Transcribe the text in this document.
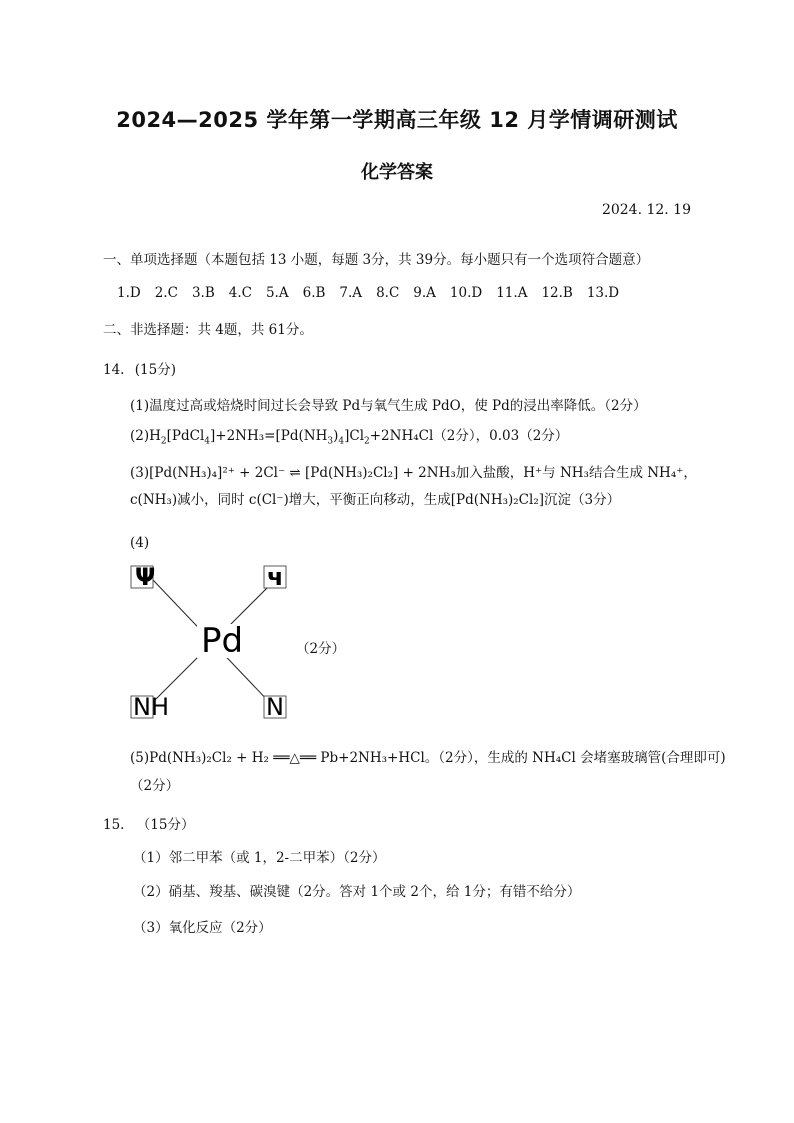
2024—2025 学年第一学期高三年级 12 月学情调研测试
化学答案
2024. 12. 19
一、单项选择题（本题包括 13 小题，每题 3分，共 39分。每小题只有一个选项符合题意）
1.D 2.C 3.B 4.C 5.A 6.B 7.A 8.C 9.A 10.D 11.A 12.B 13.D
二、非选择题：共 4题，共 61分。
14. (15分)
(1)温度过高或焙烧时间过长会导致 Pd与氧气生成 PdO，使 Pd的浸出率降低。（2分）
$(2)H_2[PdCl_4]+2NH_3=[Pd(NH_3)_4]Cl_2+2NH_4Cl(2$分），0.03（2分）
(3)[Pd(NH₃)₄]²⁺ + 2Cl⁻ ⇌ [Pd(NH₃)₂Cl₂] + 2NH₃加入盐酸，H⁺与 NH₃结合生成 NH₄⁺，
c(NH₃)减小，同时 c(Cl⁻)增大，平衡正向移动，生成[Pd(NH₃)₂Cl₂]沉淀（3分）
(4)
Ψ	ч
NH	N
Pd	（2分）
(5)Pd(NH₃)₂Cl₂ + H₂ ══△══ Pb+2NH₃+HCl。（2分），生成的 NH₄Cl 会堵塞玻璃管(合理即可)
（2分）
15. （15分）
（1）邻二甲苯（或 1，2-二甲苯）（2分）
（2）硝基、羧基、碳溴键（2分。答对 1个或 2个，给 1分；有错不给分）
（3）氧化反应（2分）
